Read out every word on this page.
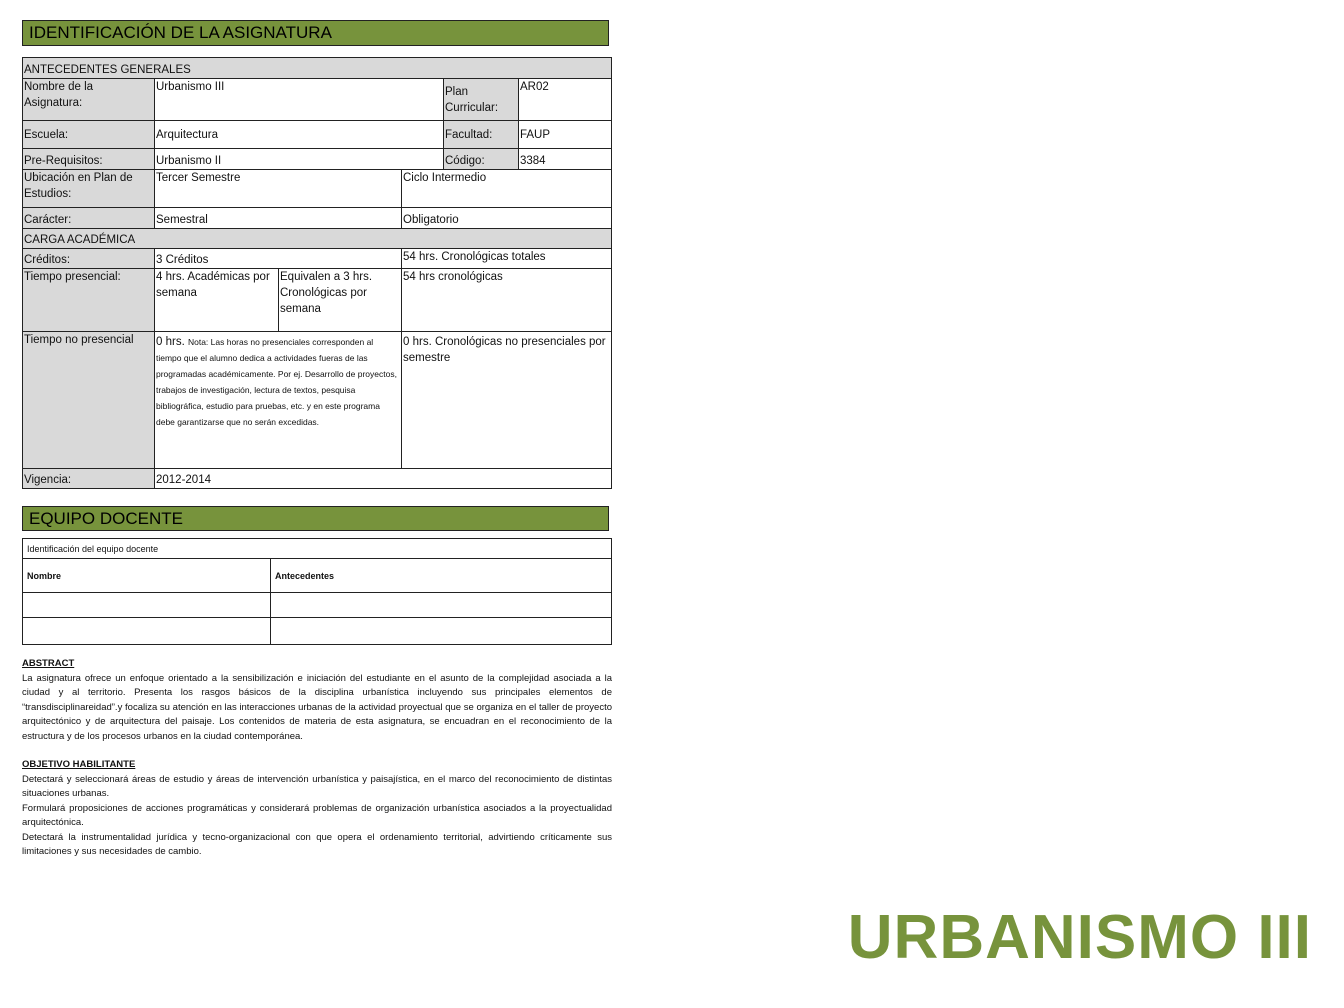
IDENTIFICACIÓN DE LA ASIGNATURA
ANTECEDENTES GENERALES					
Nombre de la Asignatura:	Urbanismo III			Plan Curricular:	AR02
Escuela:	Arquitectura			Facultad:	FAUP
Pre-Requisitos:	Urbanismo II			Código:	3384
Ubicación en Plan de Estudios:	Tercer Semestre		Ciclo Intermedio		
Carácter:	Semestral		Obligatorio		
CARGA ACADÉMICA					
Créditos:	3 Créditos		54 hrs. Cronológicas totales		
Tiempo presencial:	4 hrs. Académicas por semana	Equivalen a 3 hrs. Cronológicas por semana	54 hrs cronológicas		
Tiempo no presencial	0 hrs. Nota: Las horas no presenciales corresponden al tiempo que el alumno dedica a actividades fueras de las programadas académicamente. Por ej. Desarrollo de proyectos, trabajos de investigación, lectura de textos, pesquisa bibliográfica, estudio para pruebas, etc. y en este programa debe garantizarse que no serán excedidas.		0 hrs. Cronológicas no presenciales por semestre		
Vigencia:	2012-2014				
EQUIPO DOCENTE
Identificación del equipo docente	
Nombre	Antecedentes

ABSTRACT

La asignatura ofrece un enfoque orientado a la sensibilización e iniciación del estudiante en el asunto de la complejidad asociada a la ciudad y al territorio. Presenta los rasgos básicos de la disciplina urbanística incluyendo sus principales elementos de “transdisciplinareidad”.y focaliza su atención en las interacciones urbanas de la actividad proyectual que se organiza en el taller de proyecto arquitectónico y de arquitectura del paisaje. Los contenidos de materia de esta asignatura, se encuadran en el reconocimiento de la estructura y de los procesos urbanos en la ciudad contemporánea.

OBJETIVO HABILITANTE

Detectará y seleccionará áreas de estudio y áreas de intervención urbanística y paisajística, en el marco del reconocimiento de distintas situaciones urbanas.

Formulará proposiciones de acciones programáticas y considerará problemas de organización urbanística asociados a la proyectualidad arquitectónica.

Detectará la instrumentalidad jurídica y tecno-organizacional con que opera el ordenamiento territorial, advirtiendo críticamente sus limitaciones y sus necesidades de cambio.

URBANISMO III
